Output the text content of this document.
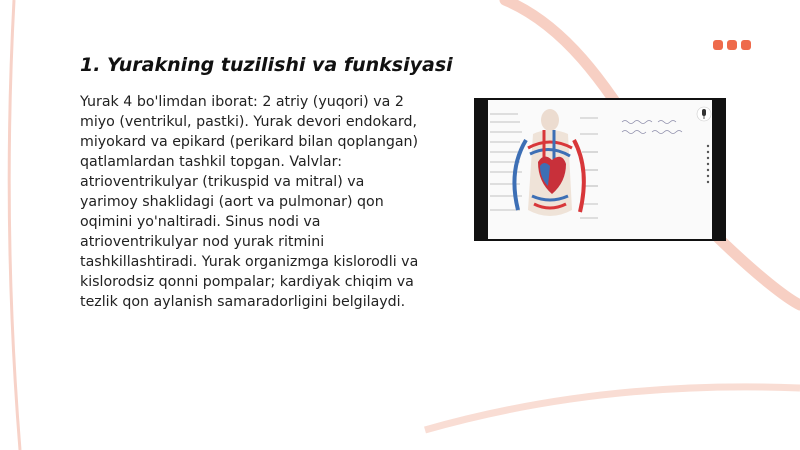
1. Yurakning tuzilishi va funksiyasi

Yurak 4 bo'limdan iborat: 2 atriy (yuqori) va 2 miyo (ventrikul, pastki). Yurak devori endokard, miyokard va epikard (perikard bilan qoplangan) qatlamlardan tashkil topgan. Valvlar: atrioventrikulyar (trikuspid va mitral) va yarimoy shaklidagi (aort va pulmonar) qon oqimini yo'naltiradi. Sinus nodi va atrioventrikulyar nod yurak ritmini tashkillashtiradi. Yurak organizmga kislorodli va kislorodsiz qonni pompalar; kardiyak chiqim va tezlik qon aylanish samaradorligini belgilaydi.
